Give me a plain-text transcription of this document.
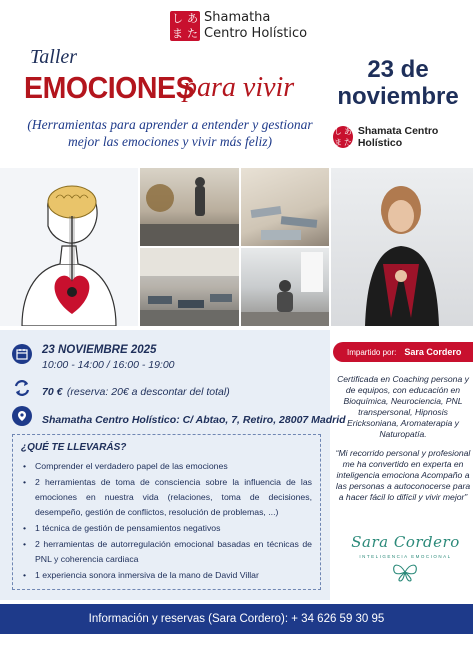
し あ
ま た
Shamatha
Centro Holístico
Taller
EMOCIONES
para vivir
23 de
noviembre
(Herramientas para aprender a entender y gestionar mejor las emociones y vivir más feliz)
し あ
ま た
Shamata Centro Holístico
23 NOVIEMBRE 2025
10:00 - 14:00 / 16:00 - 19:00
70 € (reserva: 20€ a descontar del total)
Shamatha Centro Holístico: C/ Abtao, 7, Retiro, 28007 Madrid
¿QUÉ TE LLEVARÁS?
• Comprender el verdadero papel de las emociones
• 2 herramientas de toma de consciencia sobre la influencia de las emociones en nuestra vida (relaciones, toma de decisiones, desempeño, gestión de conflictos, resolución de problemas, ...)
• 1 técnica de gestión de pensamientos negativos
• 2 herramientas de autorregulación emocional basadas en técnicas de PNL y coherencia cardiaca
• 1 experiencia sonora inmersiva de la mano de David Villar
Impartido por: Sara Cordero
Certificada en Coaching persona y de equipos, con educación en Bioquímica, Neurociencia, PNL transpersonal, Hipnosis Ericksoniana, Aromaterapia y Naturopatía.
“Mi recorrido personal y profesional me ha convertido en experta en inteligencia emociona Acompaño a las personas a autoconocerse para a hacer fácil lo difícil y vivir mejor”
Sara Cordero
INTELIGENCIA EMOCIONAL
Información y reservas (Sara Cordero): + 34 626 59 30 95
